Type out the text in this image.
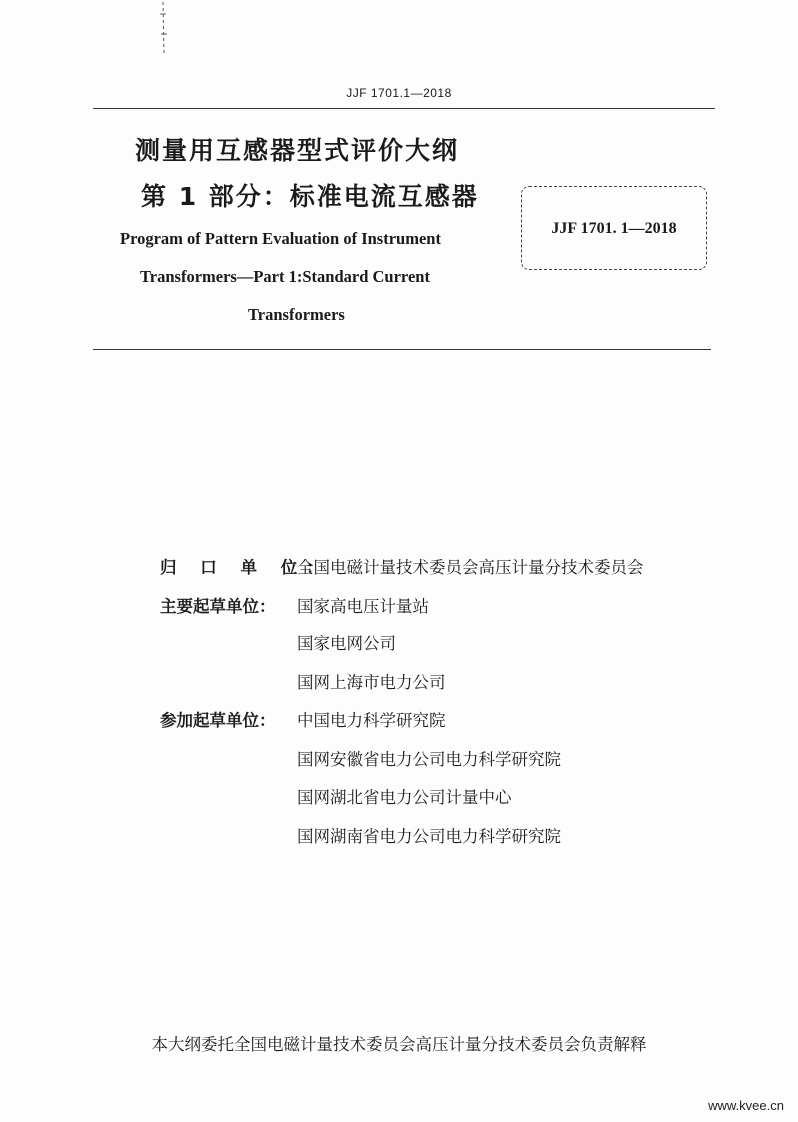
JJF 1701.1—2018
测量用互感器型式评价大纲
第 1 部分：标准电流互感器
Program of Pattern Evaluation of Instrument
Transformers—Part 1:Standard Current
Transformers
JJF 1701. 1—2018
归 口 单 位：
全国电磁计量技术委员会高压计量分技术委员会
主要起草单位： 国家高电压计量站
国家电网公司
国网上海市电力公司
参加起草单位： 中国电力科学研究院
国网安徽省电力公司电力科学研究院
国网湖北省电力公司计量中心
国网湖南省电力公司电力科学研究院
本大纲委托全国电磁计量技术委员会高压计量分技术委员会负责解释
www.kvee.cn
